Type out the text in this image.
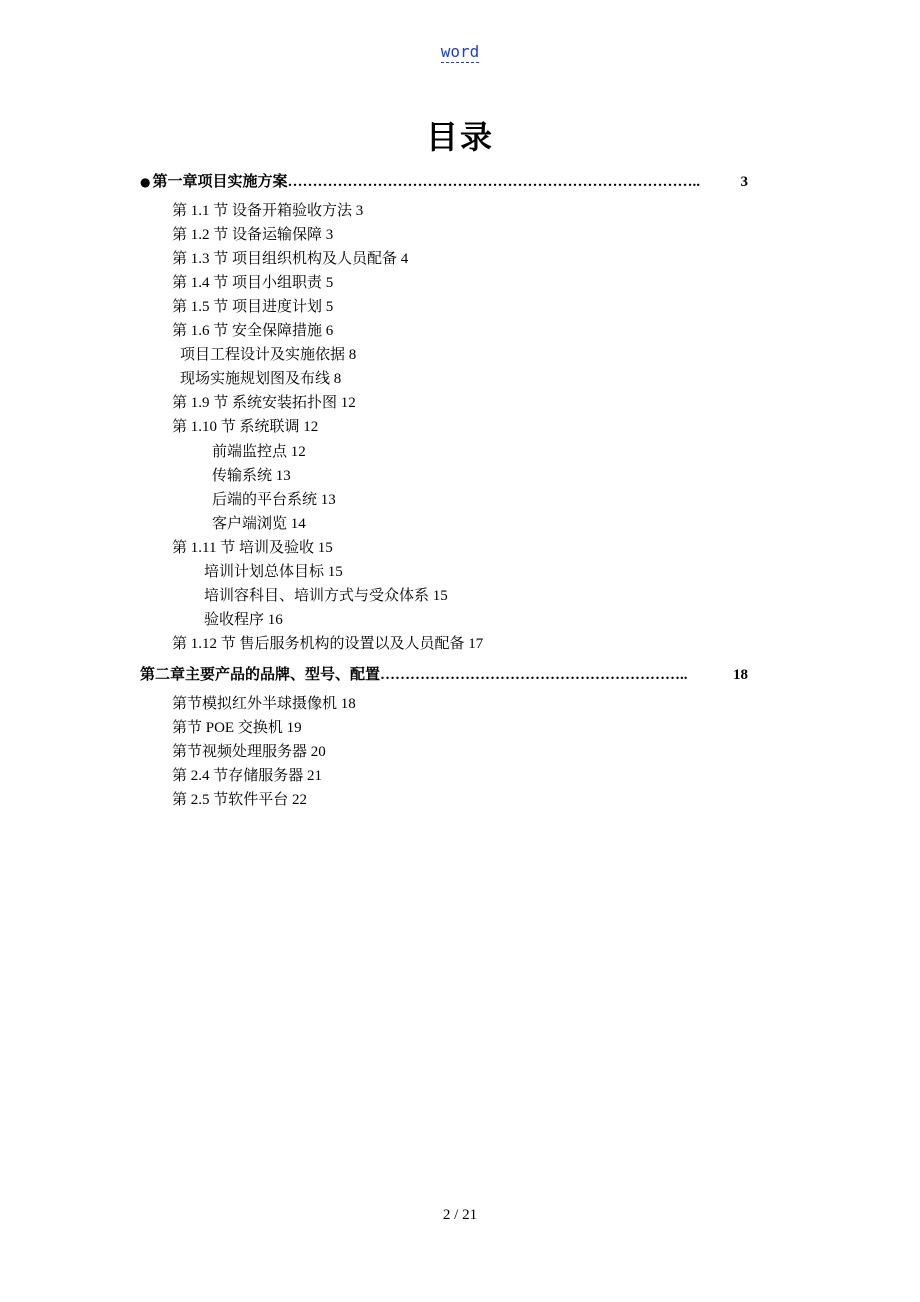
word
目录
● 第一章项目实施方案 ………………………………………………………………………..	3
第 1.1 节 设备开箱验收方法 3
第 1.2 节 设备运输保障 3
第 1.3 节 项目组织机构及人员配备 4
第 1.4 节 项目小组职责 5
第 1.5 节 项目进度计划 5
第 1.6 节 安全保障措施 6
项目工程设计及实施依据 8
现场实施规划图及布线 8
第 1.9 节 系统安装拓扑图 12
第 1.10 节 系统联调 12
前端监控点 12
传输系统 13
后端的平台系统 13
客户端浏览 14
第 1.11 节 培训及验收 15
培训计划总体目标 15
培训容科目、培训方式与受众体系 15
验收程序 16
第 1.12 节 售后服务机构的设置以及人员配备 17
第二章主要产品的品牌、型号、配置 ……………………………………………………..	18
第节模拟红外半球摄像机 18
第节 POE 交换机 19
第节视频处理服务器 20
第 2.4 节存储服务器 21
第 2.5 节软件平台 22
2 / 21
